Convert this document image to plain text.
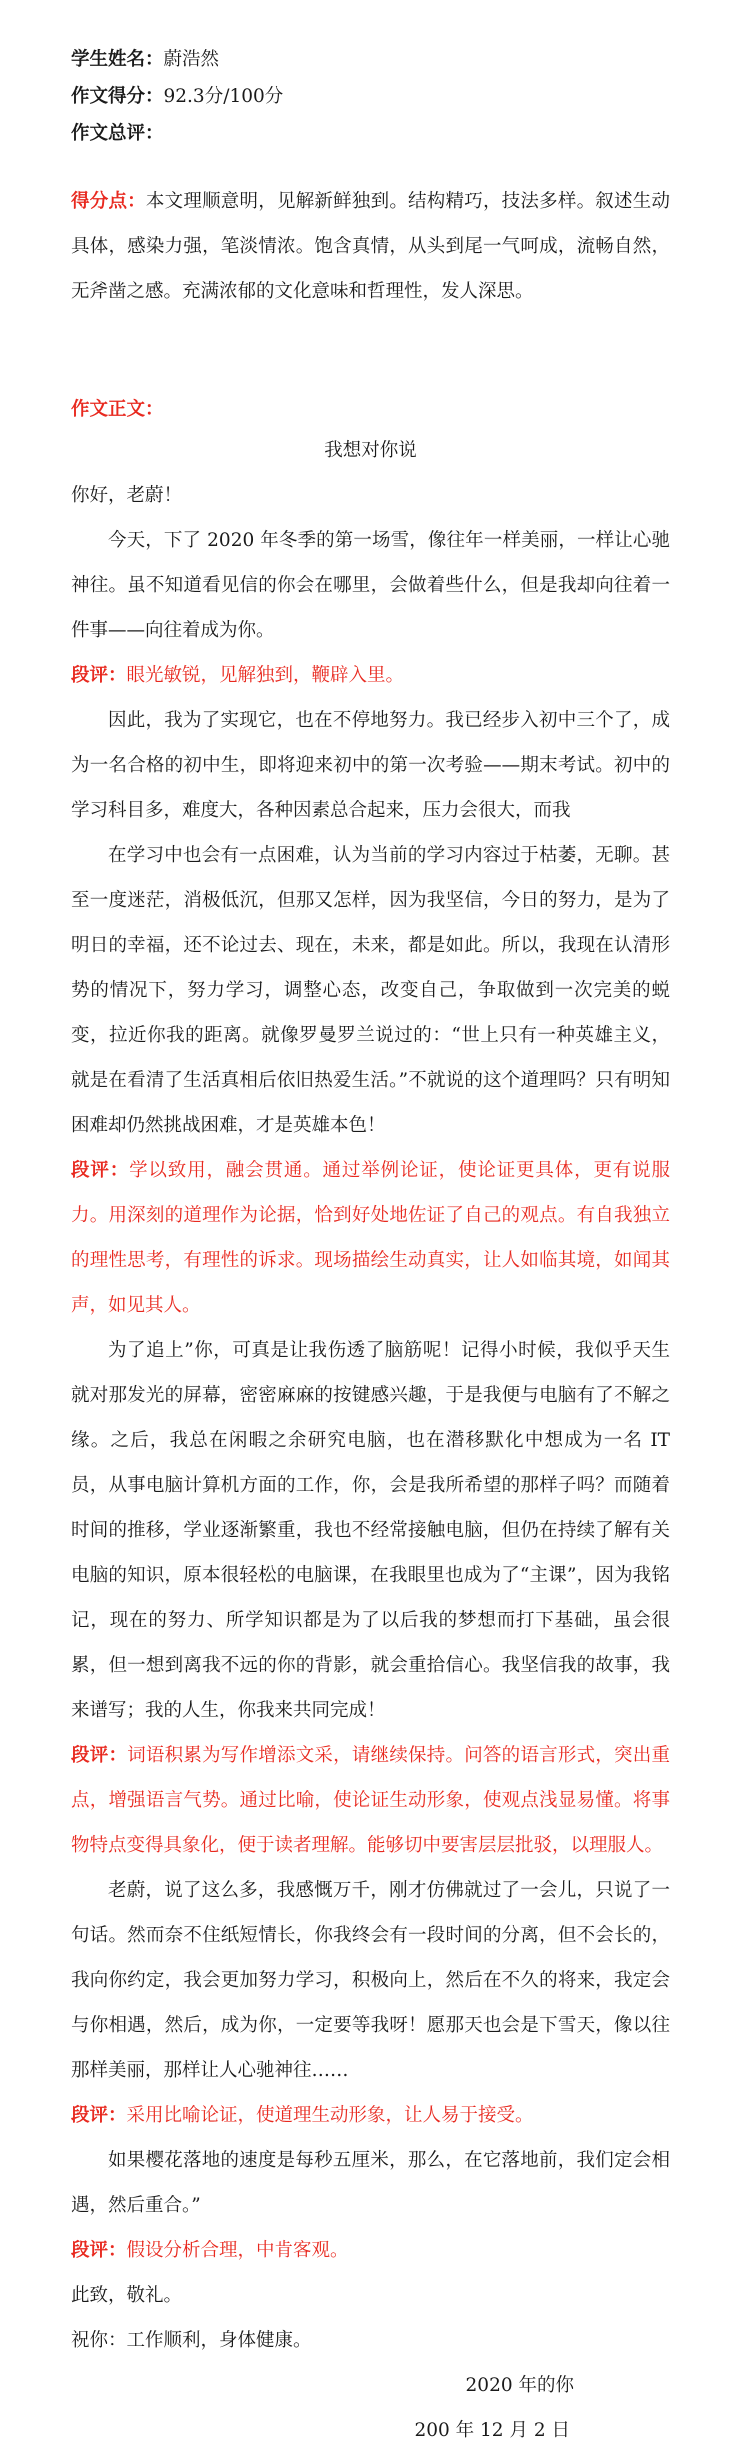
学生姓名：蔚浩然
作文得分：92.3分/100分
作文总评：
得分点：本文理顺意明，见解新鲜独到。结构精巧，技法多样。叙述生动具体，感染力强，笔淡情浓。饱含真情，从头到尾一气呵成，流畅自然，无斧凿之感。充满浓郁的文化意味和哲理性，发人深思。
作文正文：
我想对你说
你好，老蔚！
今天，下了 2020 年冬季的第一场雪，像往年一样美丽，一样让心驰神往。虽不知道看见信的你会在哪里，会做着些什么，但是我却向往着一件事——向往着成为你。
段评：眼光敏锐，见解独到，鞭辟入里。
因此，我为了实现它，也在不停地努力。我已经步入初中三个了，成为一名合格的初中生，即将迎来初中的第一次考验——期末考试。初中的学习科目多，难度大，各种因素总合起来，压力会很大，而我
在学习中也会有一点困难，认为当前的学习内容过于枯萎，无聊。甚至一度迷茫，消极低沉，但那又怎样，因为我坚信，今日的努力，是为了明日的幸福，还不论过去、现在，未来，都是如此。所以，我现在认清形势的情况下，努力学习，调整心态，改变自己，争取做到一次完美的蜕变，拉近你我的距离。就像罗曼罗兰说过的：“世上只有一种英雄主义，就是在看清了生活真相后依旧热爱生活。”不就说的这个道理吗？只有明知困难却仍然挑战困难，才是英雄本色！
段评：学以致用，融会贯通。通过举例论证，使论证更具体，更有说服力。用深刻的道理作为论据，恰到好处地佐证了自己的观点。有自我独立的理性思考，有理性的诉求。现场描绘生动真实，让人如临其境，如闻其声，如见其人。
为了追上”你，可真是让我伤透了脑筋呢！记得小时候，我似乎天生就对那发光的屏幕，密密麻麻的按键感兴趣，于是我便与电脑有了不解之缘。之后，我总在闲暇之余研究电脑，也在潜移默化中想成为一名 IT 员，从事电脑计算机方面的工作，你，会是我所希望的那样子吗？而随着时间的推移，学业逐渐繁重，我也不经常接触电脑，但仍在持续了解有关电脑的知识，原本很轻松的电脑课，在我眼里也成为了“主课”，因为我铭记，现在的努力、所学知识都是为了以后我的梦想而打下基础，虽会很累，但一想到离我不远的你的背影，就会重拾信心。我坚信我的故事，我来谱写；我的人生，你我来共同完成！
段评：词语积累为写作增添文采，请继续保持。问答的语言形式，突出重点，增强语言气势。通过比喻，使论证生动形象，使观点浅显易懂。将事物特点变得具象化，便于读者理解。能够切中要害层层批驳，以理服人。
老蔚，说了这么多，我感慨万千，刚才仿佛就过了一会儿，只说了一句话。然而奈不住纸短情长，你我终会有一段时间的分离，但不会长的，我向你约定，我会更加努力学习，积极向上，然后在不久的将来，我定会与你相遇，然后，成为你，一定要等我呀！愿那天也会是下雪天，像以往那样美丽，那样让人心驰神往……
段评：采用比喻论证，使道理生动形象，让人易于接受。
如果樱花落地的速度是每秒五厘米，那么，在它落地前，我们定会相遇，然后重合。”
段评：假设分析合理，中肯客观。
此致，敬礼。
祝你：工作顺利，身体健康。
2020 年的你
200 年 12 月 2 日
